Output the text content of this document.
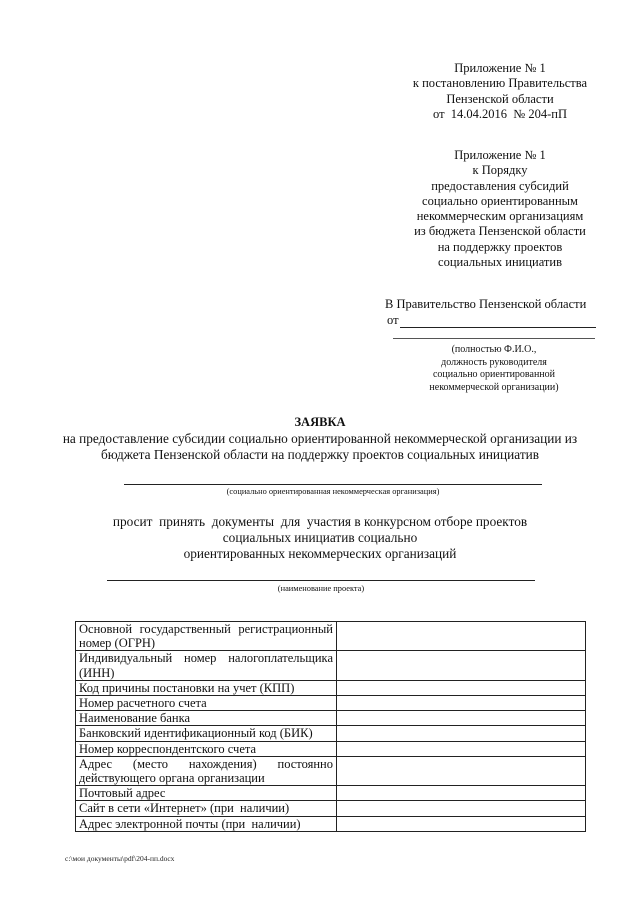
Приложение № 1
к постановлению Правительства
Пензенской области
от  14.04.2016  № 204-пП
Приложение № 1
к Порядку
предоставления субсидий
социально ориентированным
некоммерческим организациям
из бюджета Пензенской области
на поддержку проектов
социальных инициатив
В Правительство Пензенской области
от
(полностью Ф.И.О.,
должность руководителя
социально ориентированной
некоммерческой организации)
ЗАЯВКА
на предоставление субсидии социально ориентированной некоммерческой организации из
бюджета Пензенской области на поддержку проектов социальных инициатив
(социально ориентированная некоммерческая организация)
просит  принять  документы  для  участия в конкурсном отборе проектов
социальных инициатив социально
ориентированных некоммерческих организаций
(наименование проекта)
Основной  государственный  регистрационный номер (ОГРН)	
Индивидуальный  номер  налогоплательщика (ИНН)	
Код причины постановки на учет (КПП)	
Номер расчетного счета	
Наименование банка	
Банковский идентификационный код (БИК)	
Номер корреспондентского счета	
Адрес      (место      нахождения)      постоянно действующего органа организации	
Почтовый адрес	
Сайт в сети «Интернет» (при  наличии)	
Адрес электронной почты (при  наличии)	
c:\мои документы\pdf\204-пп.docx
